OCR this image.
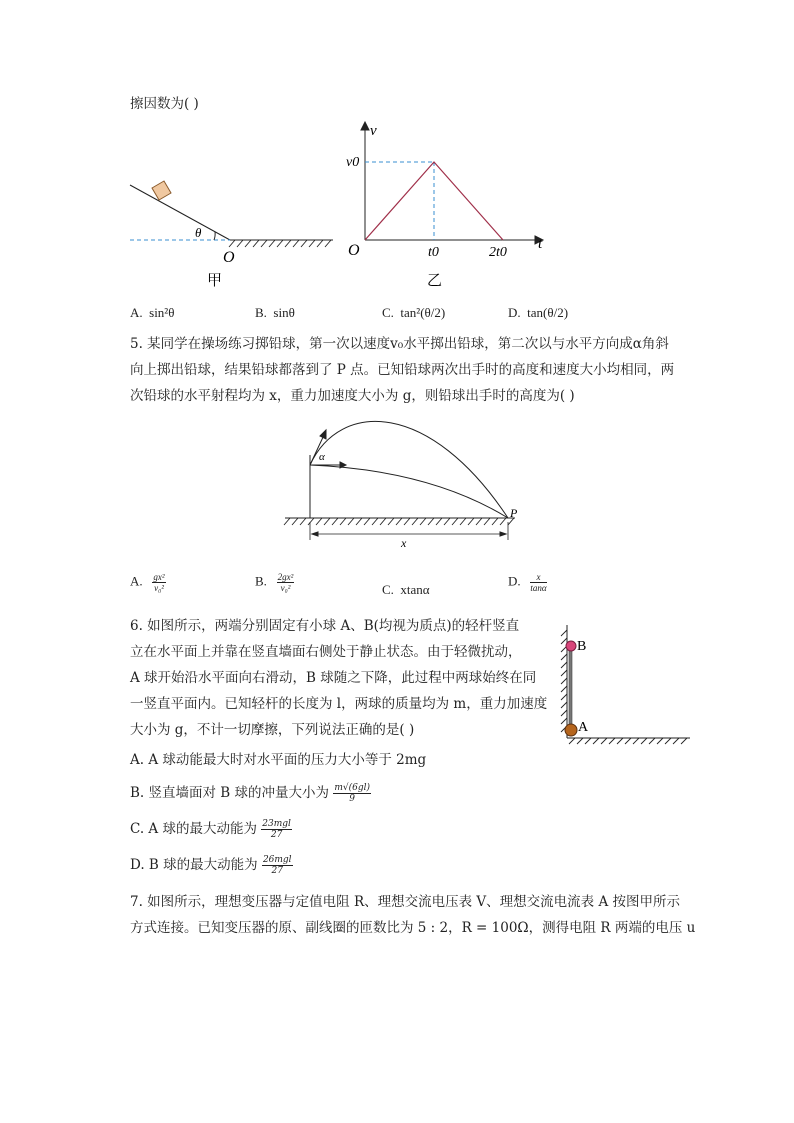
擦因数为( )
θ
O
甲
v
t
v0
t0	2t0
O
乙
A. sin²θ	B. sinθ	C. tan²(θ/2)	D. tan(θ/2)
5. 某同学在操场练习掷铅球，第一次以速度v₀水平掷出铅球，第二次以与水平方向成α角斜
向上掷出铅球，结果铅球都落到了 P 点。已知铅球两次出手时的高度和速度大小均相同，两
次铅球的水平射程均为 x，重力加速度大小为 g，则铅球出手时的高度为( )
α
P
x
A. $\frac{\text{gx²}}{\text{v₀²}}$	B. $\frac{\text{2gx²}}{\text{v₀²}}$	C. xtanα
D. $\frac{x}{\tan\alpha}$
6. 如图所示，两端分别固定有小球 A、B(均视为质点)的轻杆竖直
立在水平面上并靠在竖直墙面右侧处于静止状态。由于轻微扰动，
A 球开始沿水平面向右滑动，B 球随之下降，此过程中两球始终在同
一竖直平面内。已知轻杆的长度为 l，两球的质量均为 m，重力加速度
大小为 g，不计一切摩擦，下列说法正确的是( )
B
A
A. A 球动能最大时对水平面的压力大小等于 2mg
B. 竖直墙面对 B 球的冲量大小为 $\frac{m√(6gl)}{9}$
C. A 球的最大动能为 $\frac{\text{23mgl}}{27}$
D. B 球的最大动能为 $\frac{\text{26mgl}}{27}$
7. 如图所示，理想变压器与定值电阻 R、理想交流电压表 V、理想交流电流表 A 按图甲所示
方式连接。已知变压器的原、副线圈的匝数比为 5 : 2，R = 100Ω，测得电阻 R 两端的电压 u
